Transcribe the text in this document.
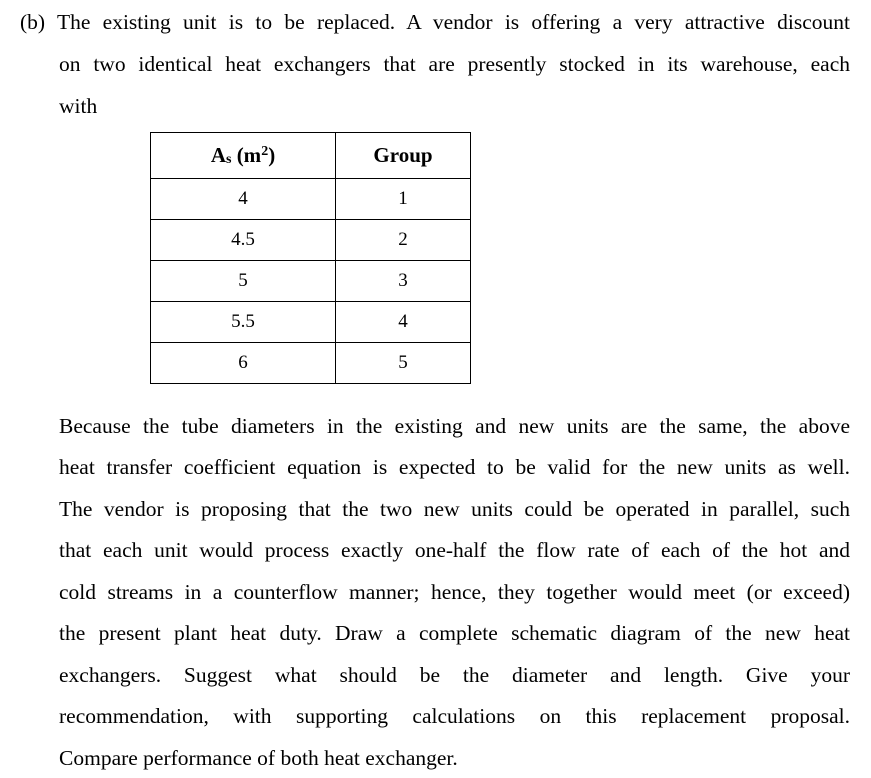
(b) The existing unit is to be replaced. A vendor is offering a very attractive discount
on two identical heat exchangers that are presently stocked in its warehouse, each
with
$A_s$ $(m^2)$	Group
4	1
4.5	2
5	3
5.5	4
6	5
Because the tube diameters in the existing and new units are the same, the above
heat transfer coefficient equation is expected to be valid for the new units as well.
The vendor is proposing that the two new units could be operated in parallel, such
that each unit would process exactly one-half the flow rate of each of the hot and
cold streams in a counterflow manner; hence, they together would meet (or exceed)
the present plant heat duty. Draw a complete schematic diagram of the new heat
exchangers. Suggest what should be the diameter and length. Give your
recommendation, with supporting calculations on this replacement proposal.
Compare performance of both heat exchanger.
